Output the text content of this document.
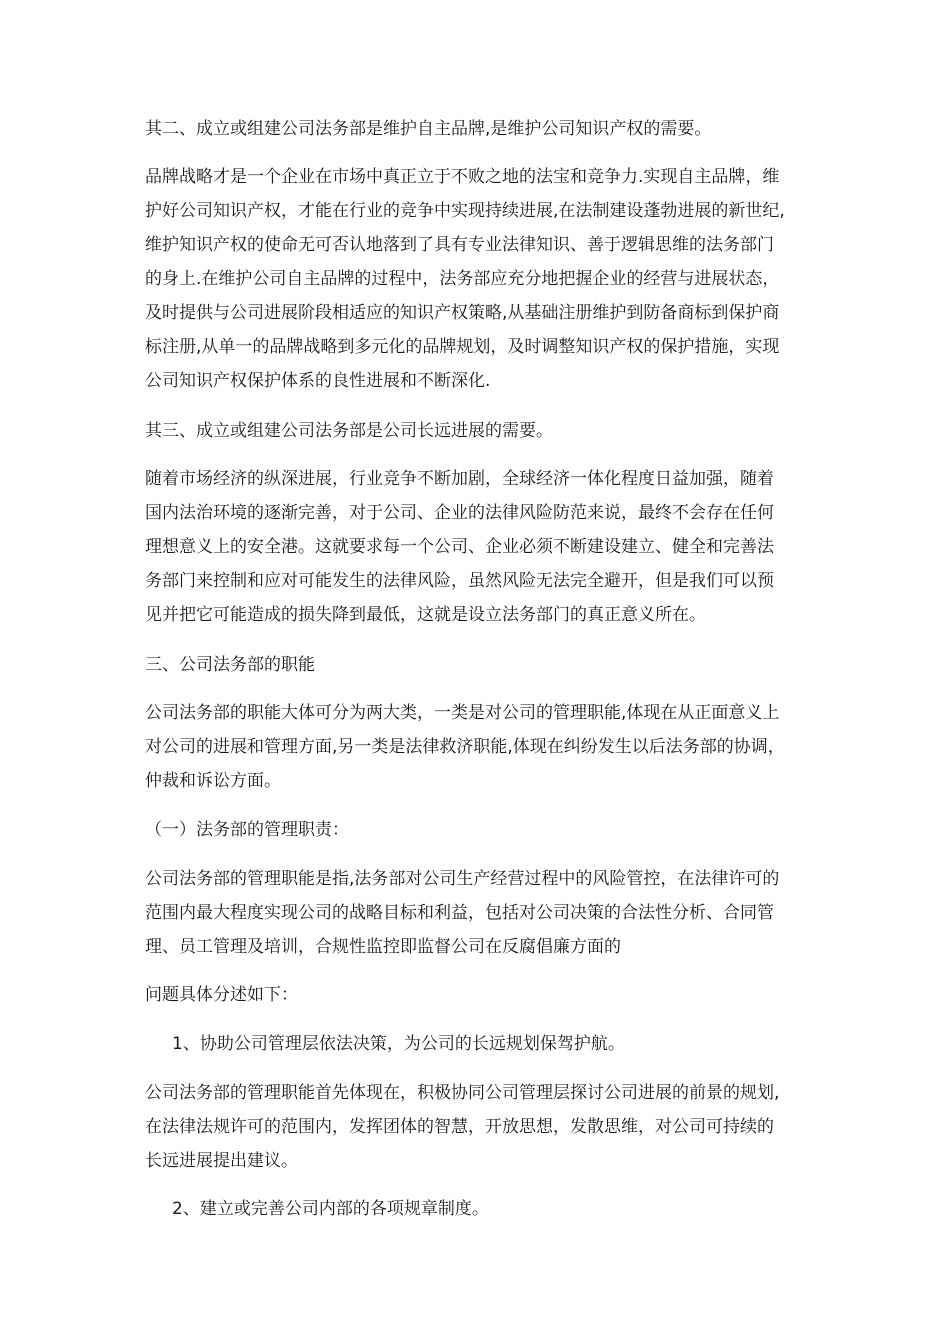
其二、成立或组建公司法务部是维护自主品牌,是维护公司知识产权的需要。

品牌战略才是一个企业在市场中真正立于不败之地的法宝和竞争力.实现自主品牌，维
护好公司知识产权，才能在行业的竞争中实现持续进展,在法制建设蓬勃进展的新世纪,
维护知识产权的使命无可否认地落到了具有专业法律知识、善于逻辑思维的法务部门
的身上.在维护公司自主品牌的过程中，法务部应充分地把握企业的经营与进展状态，
及时提供与公司进展阶段相适应的知识产权策略,从基础注册维护到防备商标到保护商
标注册,从单一的品牌战略到多元化的品牌规划，及时调整知识产权的保护措施，实现
公司知识产权保护体系的良性进展和不断深化.

其三、成立或组建公司法务部是公司长远进展的需要。

随着市场经济的纵深进展，行业竞争不断加剧，全球经济一体化程度日益加强，随着
国内法治环境的逐渐完善，对于公司、企业的法律风险防范来说，最终不会存在任何
理想意义上的安全港。这就要求每一个公司、企业必须不断建设建立、健全和完善法
务部门来控制和应对可能发生的法律风险，虽然风险无法完全避开，但是我们可以预
见并把它可能造成的损失降到最低，这就是设立法务部门的真正意义所在。

三、公司法务部的职能

公司法务部的职能大体可分为两大类，一类是对公司的管理职能,体现在从正面意义上
对公司的进展和管理方面,另一类是法律救济职能,体现在纠纷发生以后法务部的协调，
仲裁和诉讼方面。

（一）法务部的管理职责：

公司法务部的管理职能是指,法务部对公司生产经营过程中的风险管控，在法律许可的
范围内最大程度实现公司的战略目标和利益，包括对公司决策的合法性分析、合同管
理、员工管理及培训，合规性监控即监督公司在反腐倡廉方面的

问题具体分述如下：

1、协助公司管理层依法决策，为公司的长远规划保驾护航。

公司法务部的管理职能首先体现在，积极协同公司管理层探讨公司进展的前景的规划,
在法律法规许可的范围内，发挥团体的智慧，开放思想，发散思维，对公司可持续的
长远进展提出建议。

2、建立或完善公司内部的各项规章制度。
